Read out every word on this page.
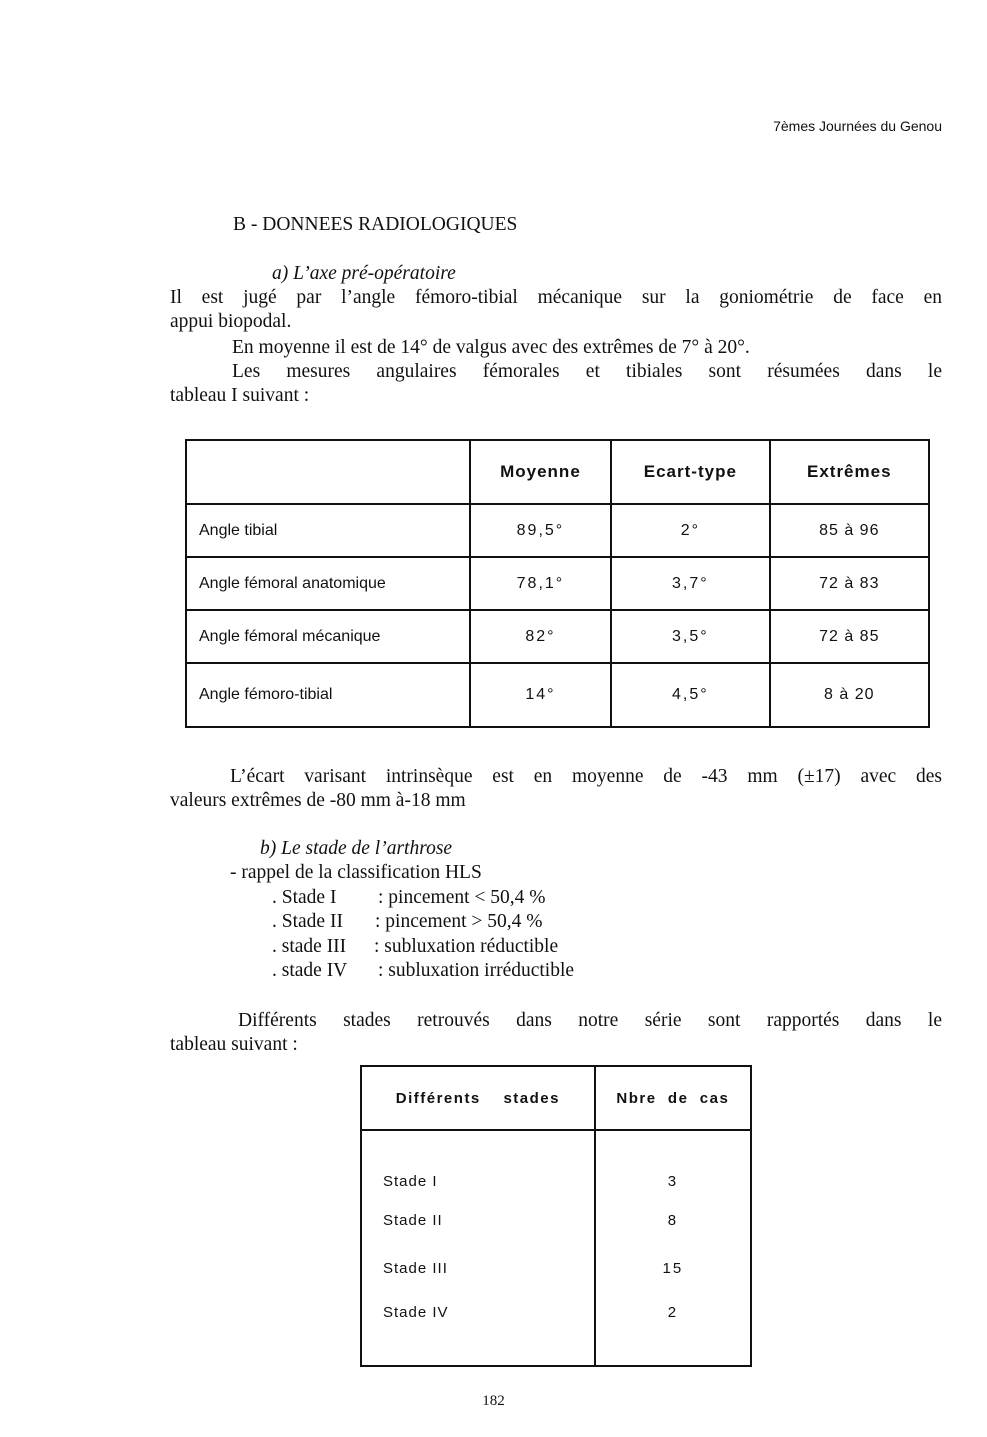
7èmes Journées du Genou
B - DONNEES RADIOLOGIQUES
a) L’axe pré-opératoire
Il est jugé par l’angle fémoro-tibial mécanique sur la goniométrie de face en
appui biopodal.
En moyenne il est de 14° de valgus avec des extrêmes de 7° à 20°.
Les mesures angulaires fémorales et tibiales sont résumées dans le
tableau I suivant :
	Moyenne	Ecart-type	Extrêmes
Angle tibial	89,5°	2°	85 à 96
Angle fémoral anatomique	78,1°	3,7°	72 à 83
Angle fémoral mécanique	82°	3,5°	72 à 85
Angle fémoro-tibial	14°	4,5°	8 à 20
L’écart varisant intrinsèque est en moyenne de -43 mm (±17) avec des
valeurs extrêmes de -80 mm à-18 mm
b) Le stade de l’arthrose
- rappel de la classification HLS
. Stade I : pincement < 50,4 %
. Stade II : pincement > 50,4 %
. stade III : subluxation réductible
. stade IV : subluxation irréductible
Différents stades retrouvés dans notre série sont rapportés dans le
tableau suivant :
Différents    stades	Nbre  de  cas
Stade I	3
Stade II	8
Stade III	15
Stade IV	2
182
